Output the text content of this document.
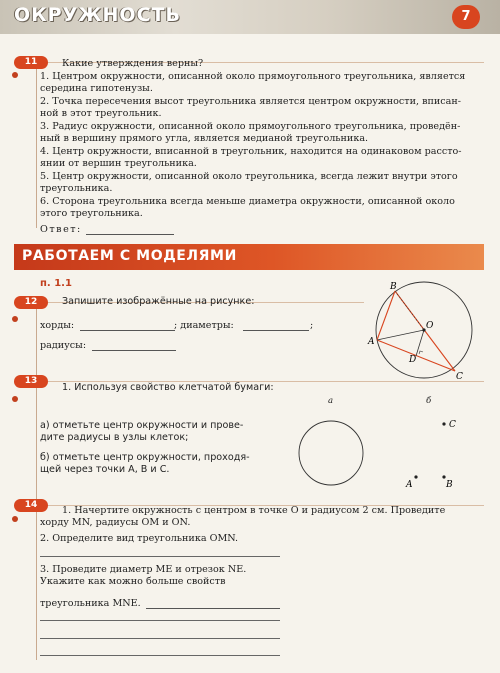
ОКРУЖНОСТЬ	7
11	Какие утверждения верны?
1. Центром окружности, описанной около прямоугольного треугольника, является
середина гипотенузы.
2. Точка пересечения высот треугольника является центром окружности, вписан-
ной в этот треугольник.
3. Радиус окружности, описанной около прямоугольного треугольника, проведён-
ный в вершину прямого угла, является медианой треугольника.
4. Центр окружности, вписанной в треугольник, находится на одинаковом рассто-
янии от вершин треугольника.
5. Центр окружности, описанной около треугольника, всегда лежит внутри этого
треугольника.
6. Сторона треугольника всегда меньше диаметра окружности, описанной около
этого треугольника.
Ответ:
РАБОТАЕМ С МОДЕЛЯМИ
п. 1.1
12	Запишите изображённые на рисунке:
хорды:	; диаметры:	;
радиусы:
B
O
A
D
C
13
1. Используя свойство клетчатой бумаги:
а) отметьте центр окружности и прове-
дите радиусы в узлы клеток;
б) отметьте центр окружности, проходя-
щей через точки A, B и C.
а	б
C
A	B
14	1. Начертите окружность с центром в точке O и радиусом 2 см. Проведите
хорду MN, радиусы OM и ON.
2. Определите вид треугольника OMN.
3. Проведите диаметр ME и отрезок NE.
Укажите как можно больше свойств
треугольника MNE.
